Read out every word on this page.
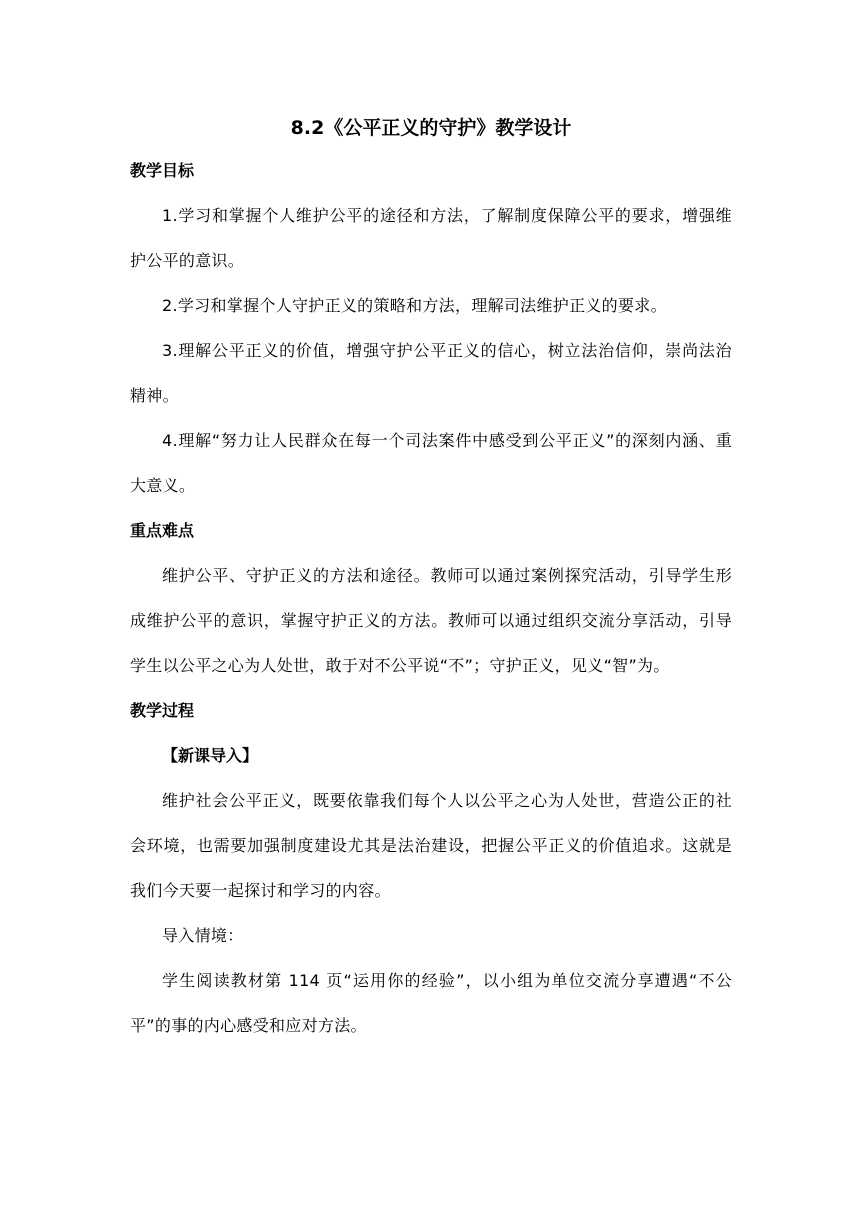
8.2《公平正义的守护》教学设计
教学目标

1.学习和掌握个人维护公平的途径和方法，了解制度保障公平的要求，增强维护公平的意识。

2.学习和掌握个人守护正义的策略和方法，理解司法维护正义的要求。

3.理解公平正义的价值，增强守护公平正义的信心，树立法治信仰，崇尚法治精神。

4.理解“努力让人民群众在每一个司法案件中感受到公平正义”的深刻内涵、重大意义。

重点难点

维护公平、守护正义的方法和途径。教师可以通过案例探究活动，引导学生形成维护公平的意识，掌握守护正义的方法。教师可以通过组织交流分享活动，引导学生以公平之心为人处世，敢于对不公平说“不”；守护正义，见义“智”为。

教学过程

【新课导入】

维护社会公平正义，既要依靠我们每个人以公平之心为人处世，营造公正的社会环境，也需要加强制度建设尤其是法治建设，把握公平正义的价值追求。这就是我们今天要一起探讨和学习的内容。

导入情境：

学生阅读教材第 114 页“运用你的经验”，以小组为单位交流分享遭遇“不公平”的事的内心感受和应对方法。
